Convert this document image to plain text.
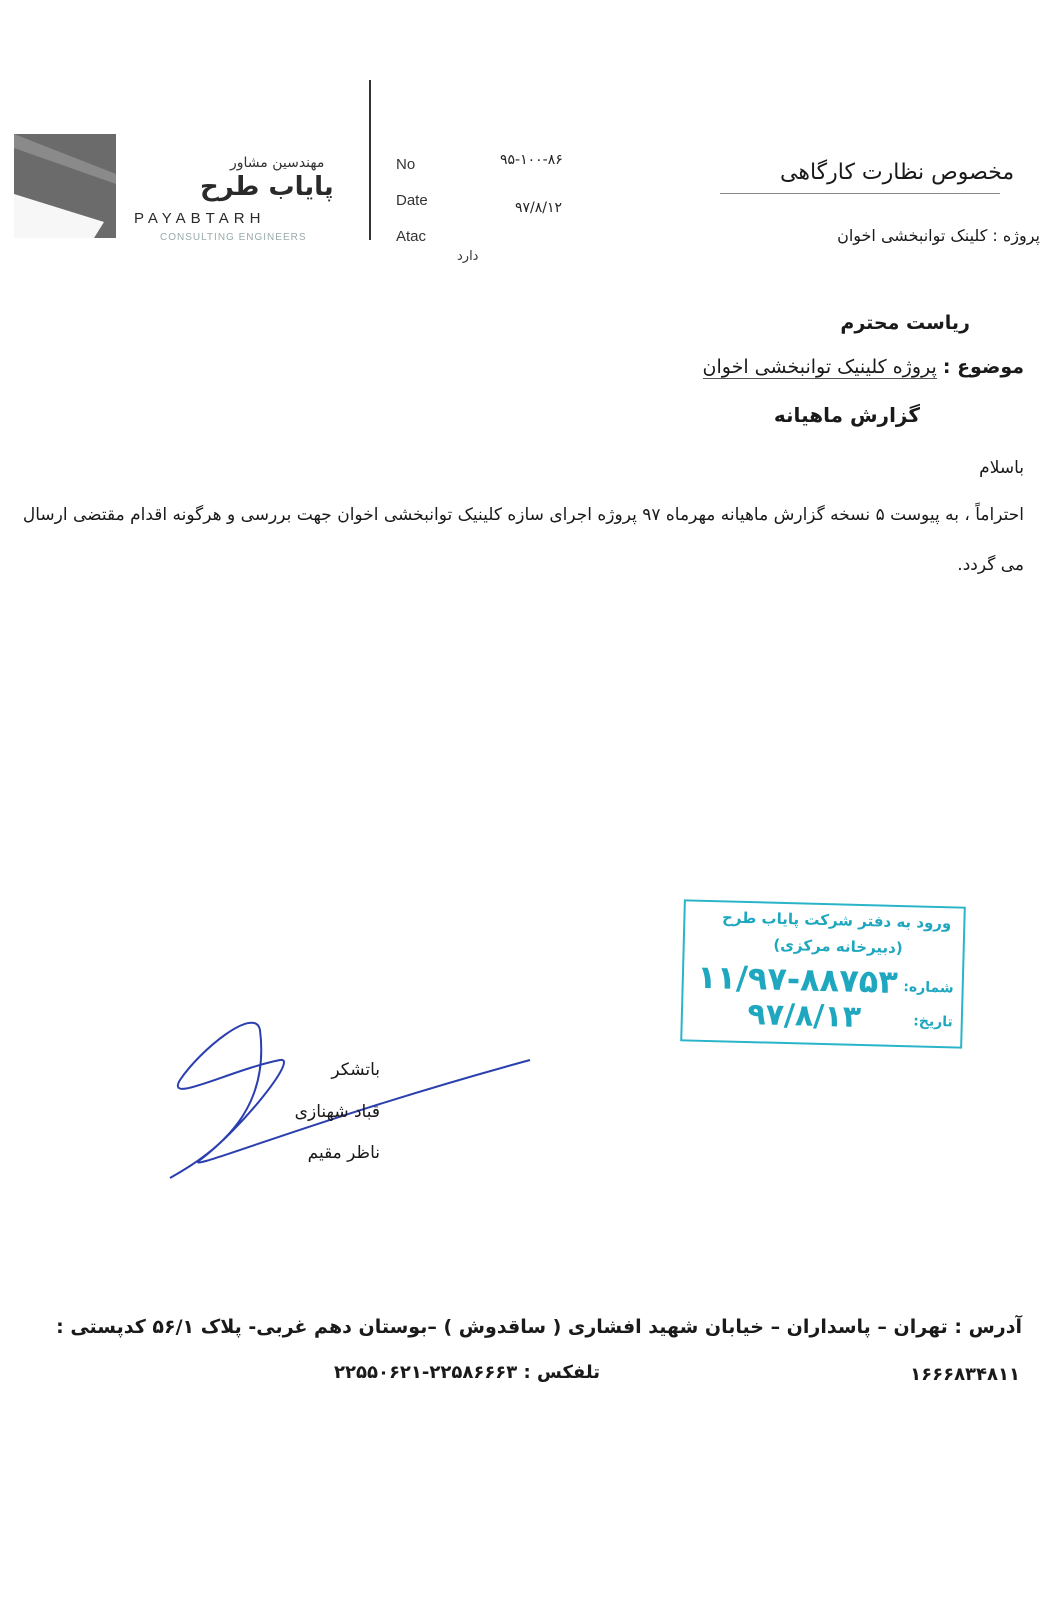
مهندسین مشاور
پایاب طرح
PAYABTARH
CONSULTING ENGINEERS
No	۹۵-۱۰۰-۸۶
Date	۹۷/۸/۱۲
Atac
دارد
مخصوص نظارت کارگاهی
پروژه : کلینک توانبخشی اخوان
ریاست محترم
موضوع : پروژه کلینیک توانبخشی اخوان
گزارش ماهیانه
باسلام
احتراماً ، به پیوست ۵ نسخه گزارش ماهیانه مهرماه ۹۷ پروژه اجرای سازه کلینیک توانبخشی اخوان جهت بررسی و هرگونه اقدام مقتضی ارسال می گردد.
ورود به دفتر شرکت پایاب طرح
(دبیرخانه مرکزی)
شماره:
۱۱/۹۷-۸۸۷۵۳
تاریخ:
۹۷/۸/۱۳
باتشکر
قباد شهنازی
ناظر مقیم
آدرس : تهران – پاسداران – خیابان شهید افشاری ( ساقدوش ) –بوستان دهم غربی- پلاک ۵۶/۱ کدپستی :
تلفکس : ۲۲۵۸۶۶۶۳-۲۲۵۵۰۶۲۱	۱۶۶۶۸۳۴۸۱۱
